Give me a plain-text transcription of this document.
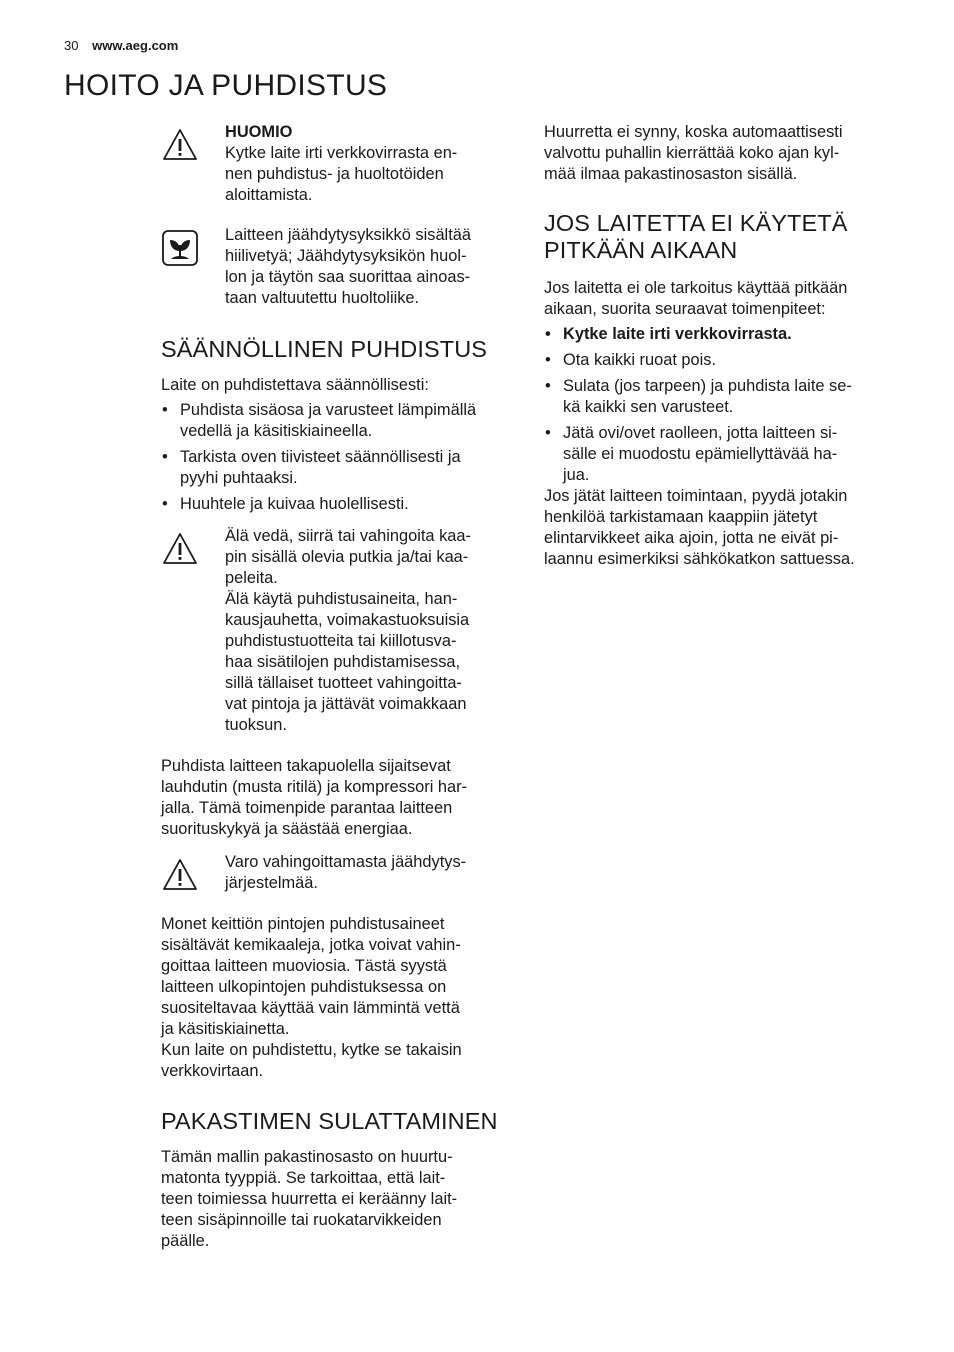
30 www.aeg.com
HOITO JA PUHDISTUS
HUOMIO
Kytke laite irti verkkovirrasta en-
nen puhdistus- ja huoltotöiden
aloittamista.
Laitteen jäähdytysyksikkö sisältää
hiilivetyä; Jäähdytysyksikön huol-
lon ja täytön saa suorittaa ainoas-
taan valtuutettu huoltoliike.
SÄÄNNÖLLINEN PUHDISTUS

Laite on puhdistettava säännöllisesti:

• Puhdista sisäosa ja varusteet lämpimällä
vedellä ja käsitiskiaineella.
• Tarkista oven tiivisteet säännöllisesti ja
pyyhi puhtaaksi.
• Huuhtele ja kuivaa huolellisesti.
Älä vedä, siirrä tai vahingoita kaa-
pin sisällä olevia putkia ja/tai kaa-
peleita.
Älä käytä puhdistusaineita, han-
kausjauhetta, voimakastuoksuisia
puhdistustuotteita tai kiillotusva-
haa sisätilojen puhdistamisessa,
sillä tällaiset tuotteet vahingoitta-
vat pintoja ja jättävät voimakkaan
tuoksun.
Puhdista laitteen takapuolella sijaitsevat
lauhdutin (musta ritilä) ja kompressori har-
jalla. Tämä toimenpide parantaa laitteen
suorituskykyä ja säästää energiaa.
Varo vahingoittamasta jäähdytys-
järjestelmää.
Monet keittiön pintojen puhdistusaineet
sisältävät kemikaaleja, jotka voivat vahin-
goittaa laitteen muoviosia. Tästä syystä
laitteen ulkopintojen puhdistuksessa on
suositeltavaa käyttää vain lämmintä vettä
ja käsitiskiainetta.
Kun laite on puhdistettu, kytke se takaisin
verkkovirtaan.
PAKASTIMEN SULATTAMINEN
Tämän mallin pakastinosasto on huurtu-
matonta tyyppiä. Se tarkoittaa, että lait-
teen toimiessa huurretta ei keräänny lait-
teen sisäpinnoille tai ruokatarvikkeiden
päälle.
Huurretta ei synny, koska automaattisesti
valvottu puhallin kierrättää koko ajan kyl-
mää ilmaa pakastinosaston sisällä.
JOS LAITETTA EI KÄYTETÄ
PITKÄÄN AIKAAN
Jos laitetta ei ole tarkoitus käyttää pitkään
aikaan, suorita seuraavat toimenpiteet:
• Kytke laite irti verkkovirrasta.
• Ota kaikki ruoat pois.
• Sulata (jos tarpeen) ja puhdista laite se-
kä kaikki sen varusteet.
• Jätä ovi/ovet raolleen, jotta laitteen si-
sälle ei muodostu epämiellyttävää ha-
jua.
Jos jätät laitteen toimintaan, pyydä jotakin
henkilöä tarkistamaan kaappiin jätetyt
elintarvikkeet aika ajoin, jotta ne eivät pi-
laannu esimerkiksi sähkökatkon sattuessa.
